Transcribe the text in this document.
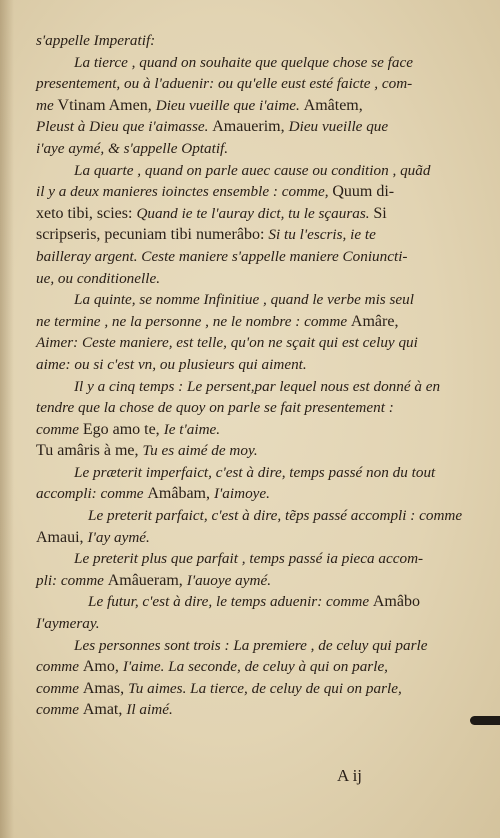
s'appelle Imperatif:
La tierce , quand on souhaite que quelque chose se face
presentement, ou à l'aduenir: ou qu'elle eust esté faicte , com-
me Vtinam Amen, Dieu vueille que i'aime. Amâtem,
Pleust à Dieu que i'aimasse. Amauerim, Dieu vueille que
i'aye aymé, & s'appelle Optatif.
La quarte , quand on parle auec cause ou condition , quãd
il y a deux manieres ioinctes ensemble : comme, Quum di-
xeto tibi, scies: Quand ie te l'auray dict, tu le sçauras. Si
scripseris, pecuniam tibi numerâbo: Si tu l'escris, ie te
bailleray argent. Ceste maniere s'appelle maniere Coniuncti-
ue, ou conditionelle.
La quinte, se nomme Infinitiue , quand le verbe mis seul
ne termine , ne la personne , ne le nombre : comme Amâre,
Aimer: Ceste maniere, est telle, qu'on ne sçait qui est celuy qui
aime: ou si c'est vn, ou plusieurs qui aiment.
Il y a cinq temps : Le persent,par lequel nous est donné à en
tendre que la chose de quoy on parle se fait presentement :
comme Ego amo te, Ie t'aime.
Tu amâris à me, Tu es aimé de moy.
Le præterit imperfaict, c'est à dire, temps passé non du tout
accompli: comme Amâbam, I'aimoye.
Le preterit parfaict, c'est à dire, tẽps passé accompli : comme
Amaui, I'ay aymé.
Le preterit plus que parfait , temps passé ia pieca accom-
pli: comme Amâueram, I'auoye aymé.
Le futur, c'est à dire, le temps aduenir: comme Amâbo
I'aymeray.
Les personnes sont trois : La premiere , de celuy qui parle
comme Amo, I'aime. La seconde, de celuy à qui on parle,
comme Amas, Tu aimes. La tierce, de celuy de qui on parle,
comme Amat, Il aimé.
A ij
